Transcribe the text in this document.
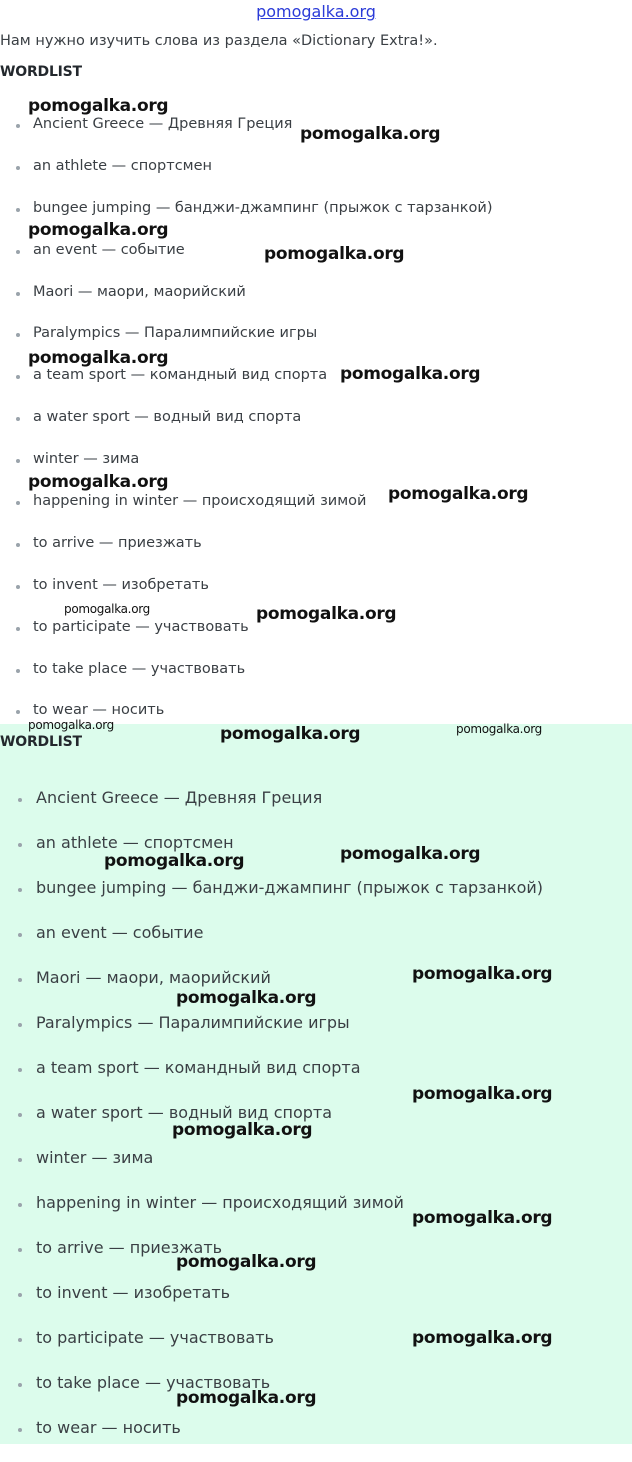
pomogalka.org
Нам нужно изучить слова из раздела «Dictionary Extra!».
WORDLIST
Ancient Greece — Древняя Греция
an athlete — спортсмен
bungee jumping — банджи-джампинг (прыжок с тарзанкой)
an event — событие
Maori — маори, маорийский
Paralympics — Паралимпийские игры
a team sport — командный вид спорта
a water sport — водный вид спорта
winter — зима
happening in winter — происходящий зимой
to arrive — приезжать
to invent — изобретать
to participate — участвовать
to take place — участвовать
to wear — носить
pomogalka.org
pomogalka.org
pomogalka.org
pomogalka.org
pomogalka.org
pomogalka.org
pomogalka.org
pomogalka.org
pomogalka.org	pomogalka.org
WORDLIST
Ancient Greece — Древняя Греция
an athlete — спортсмен
bungee jumping — банджи-джампинг (прыжок с тарзанкой)
an event — событие
Maori — маори, маорийский
Paralympics — Паралимпийские игры
a team sport — командный вид спорта
a water sport — водный вид спорта
winter — зима
happening in winter — происходящий зимой
to arrive — приезжать
to invent — изобретать
to participate — участвовать
to take place — участвовать
to wear — носить
pomogalka.org	pomogalka.org	pomogalka.org
pomogalka.org
pomogalka.org
pomogalka.org
pomogalka.org
pomogalka.org
pomogalka.org
pomogalka.org
pomogalka.org
pomogalka.org
pomogalka.org
